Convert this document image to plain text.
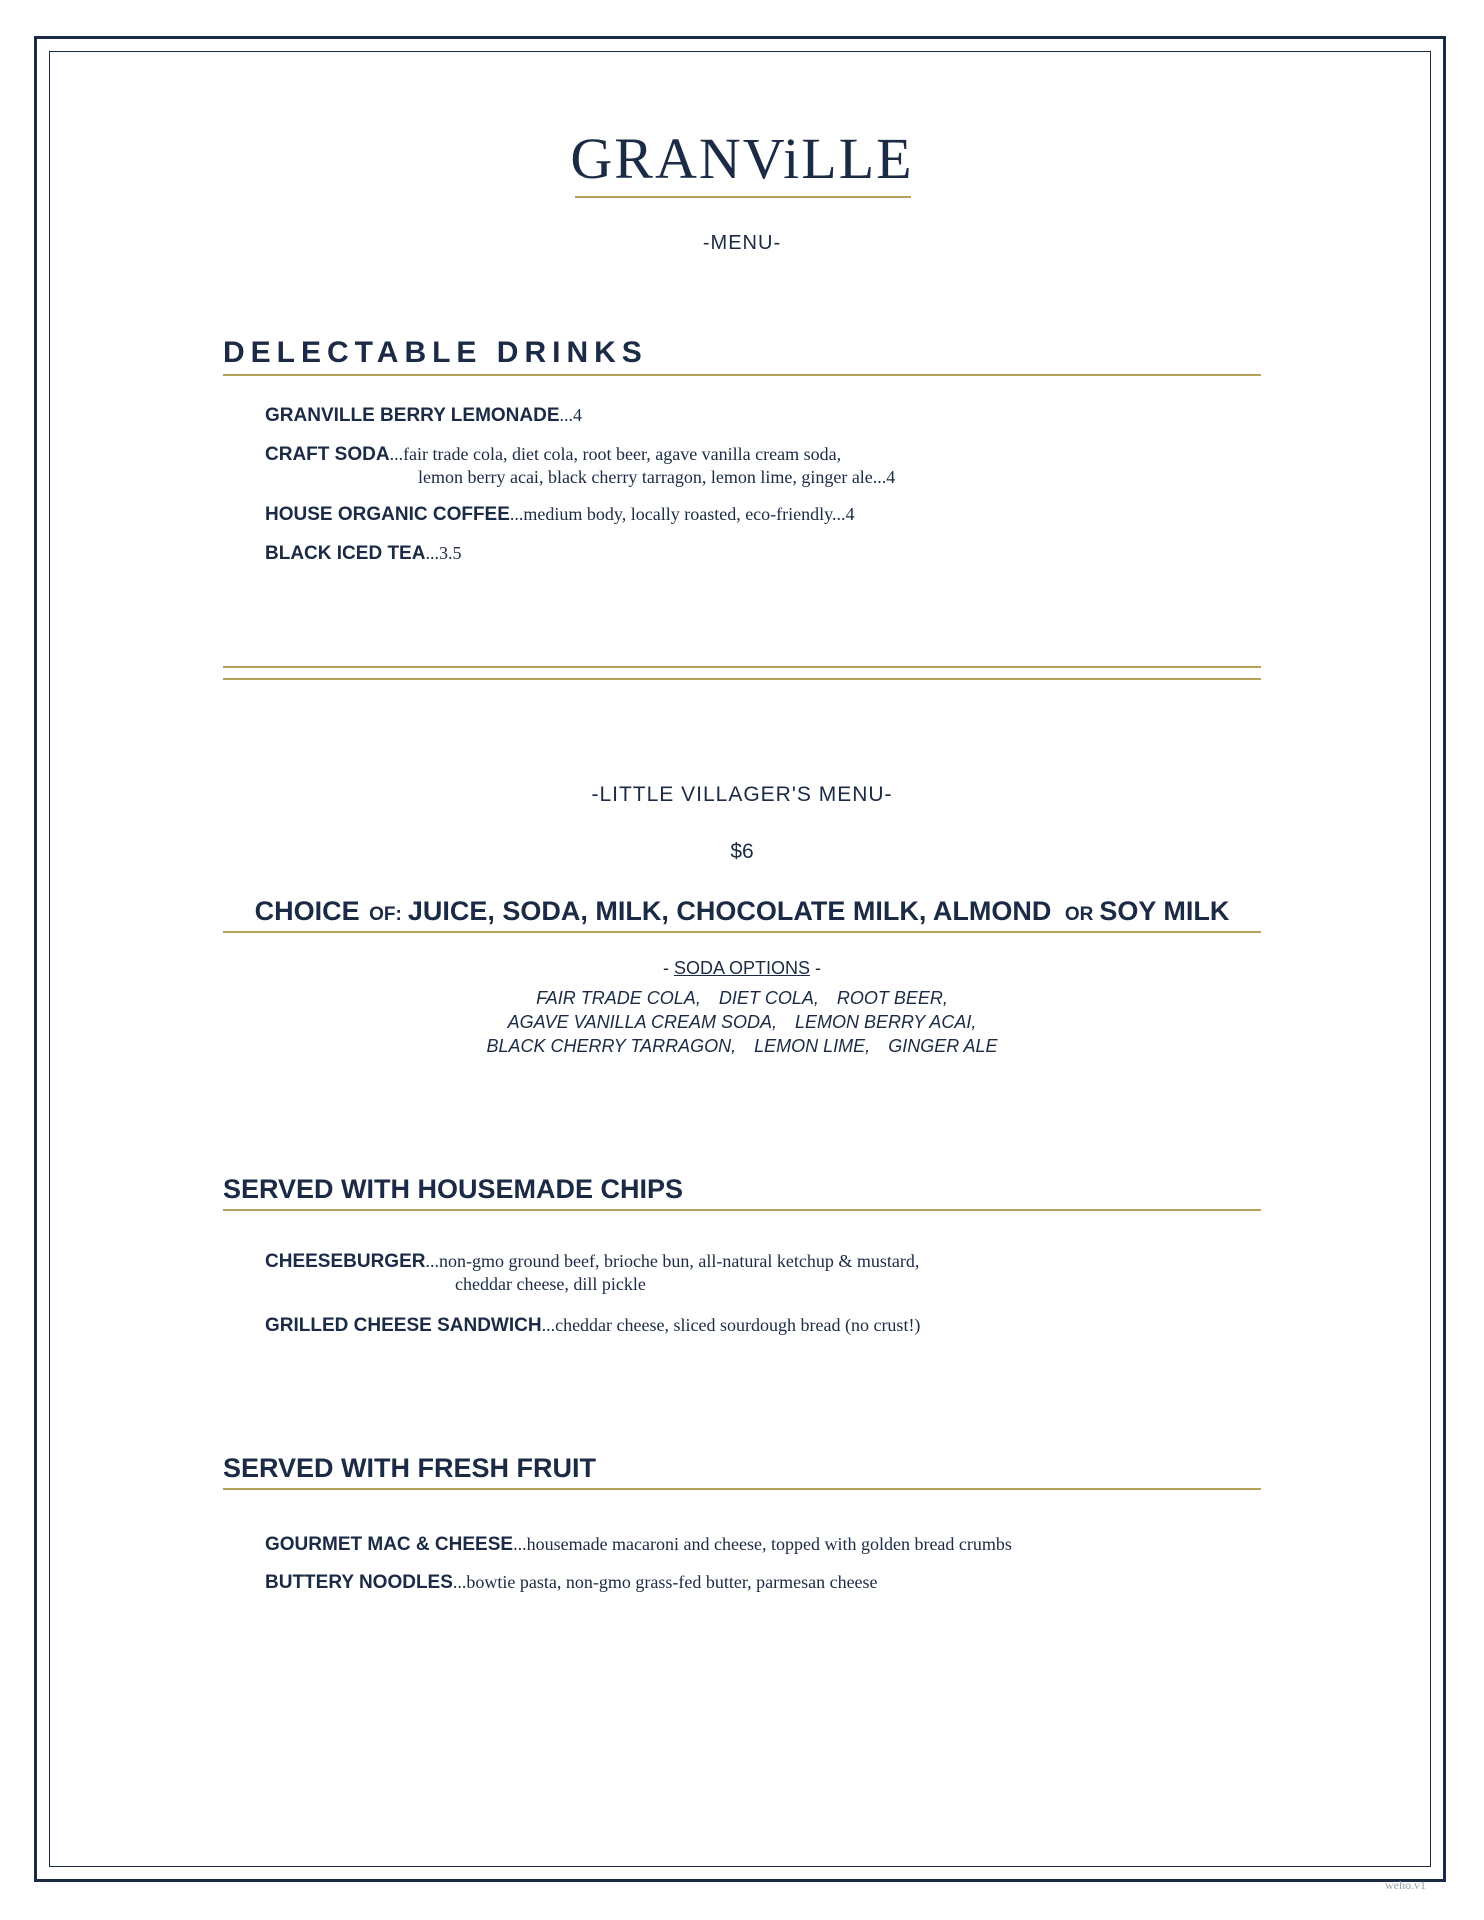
GRANViLLE
-MENU-
DELECTABLE DRINKS
GRANVILLE BERRY LEMONADE...4
CRAFT SODA...fair trade cola, diet cola, root beer, agave vanilla cream soda,
lemon berry acai, black cherry tarragon, lemon lime, ginger ale...4
HOUSE ORGANIC COFFEE...medium body, locally roasted, eco-friendly...4
BLACK ICED TEA...3.5
-LITTLE VILLAGER'S MENU-
$6
CHOICE OF: JUICE, SODA, MILK, CHOCOLATE MILK, ALMOND OR SOY MILK
- SODA OPTIONS -
FAIR TRADE COLA, DIET COLA, ROOT BEER,
AGAVE VANILLA CREAM SODA, LEMON BERRY ACAI,
BLACK CHERRY TARRAGON, LEMON LIME, GINGER ALE
SERVED WITH HOUSEMADE CHIPS
CHEESEBURGER...non-gmo ground beef, brioche bun, all-natural ketchup & mustard,
cheddar cheese, dill pickle
GRILLED CHEESE SANDWICH...cheddar cheese, sliced sourdough bread (no crust!)
SERVED WITH FRESH FRUIT
GOURMET MAC & CHEESE...housemade macaroni and cheese, topped with golden bread crumbs
BUTTERY NOODLES...bowtie pasta, non-gmo grass-fed butter, parmesan cheese
weho.v1
